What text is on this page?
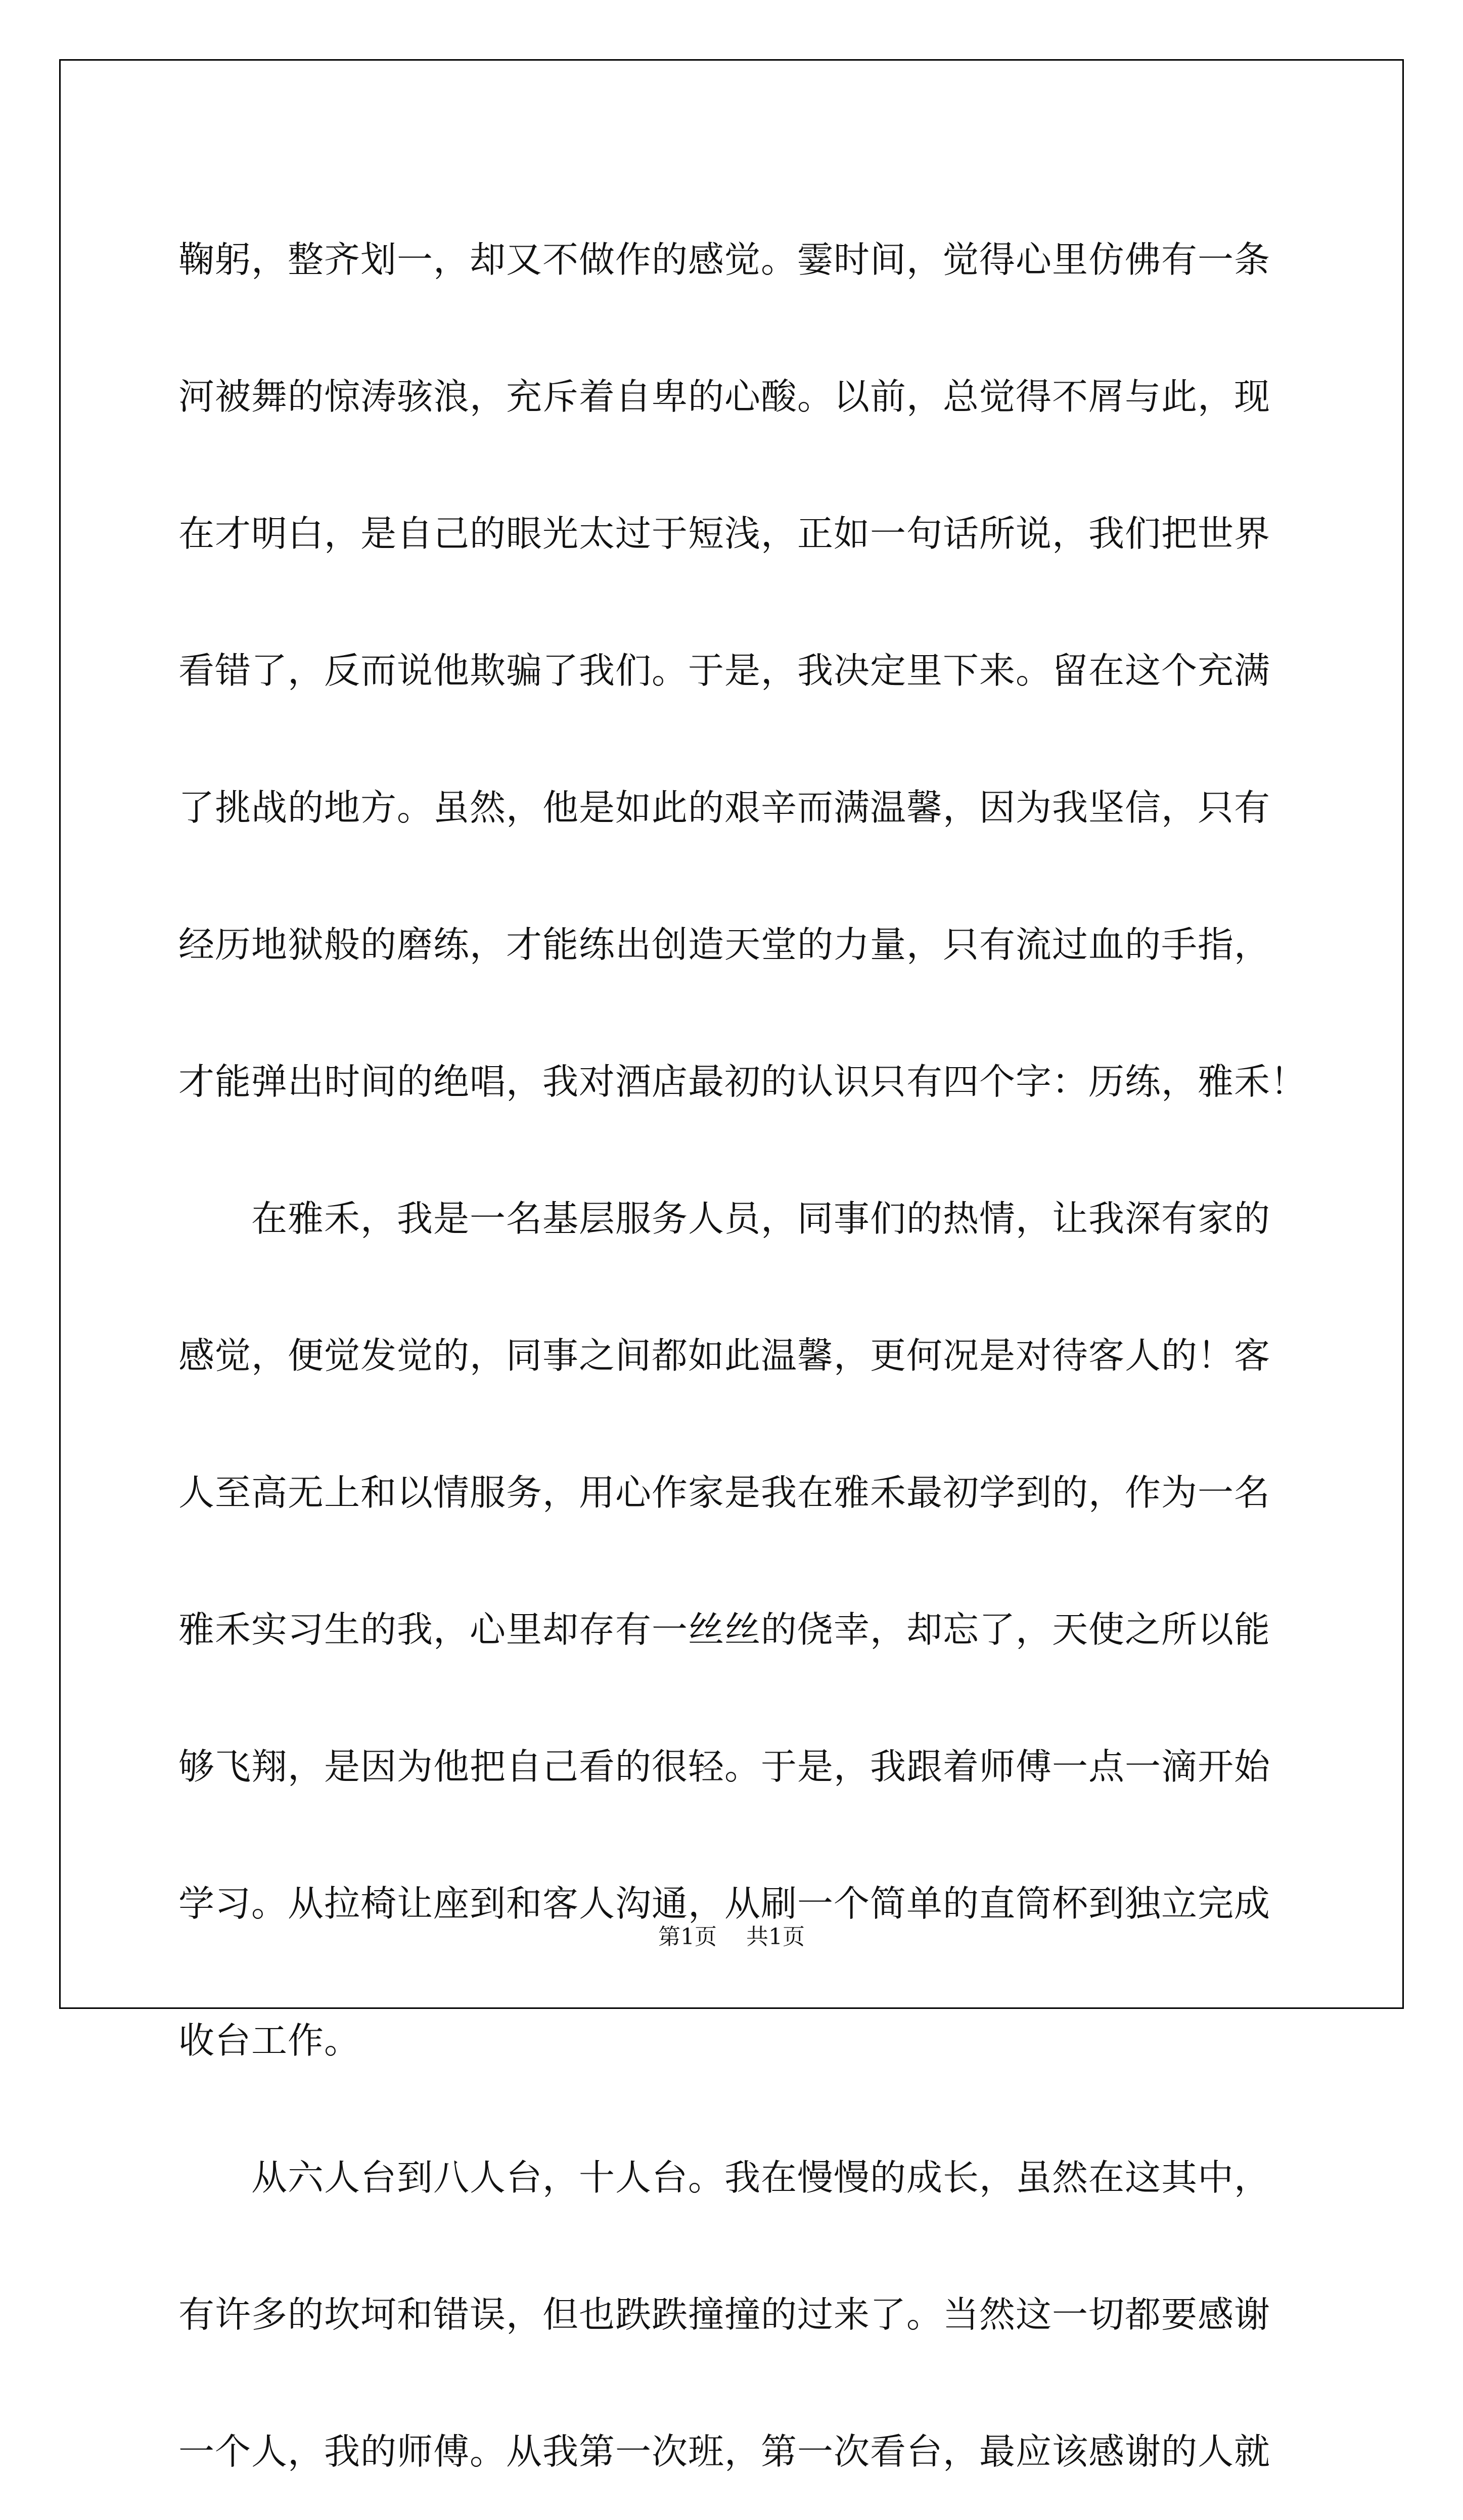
鞠躬，整齐划一，却又不做作的感觉。霎时间，觉得心里仿佛有一条
河被舞的惊涛骇浪，充斥着自卑的心酸。以前，总觉得不屑与此，现
在才明白，是自己的眼光太过于短浅，正如一句话所说，我们把世界
看错了，反而说他欺骗了我们。于是，我决定里下来。留在这个充满
了挑战的地方。虽然，他是如此的艰辛而满温馨，因为我坚信，只有
经历地狱般的磨练，才能练出创造天堂的力量，只有流过血的手指，
才能弹出时间的绝唱，我对酒店最初的认识只有四个字：历练，雅禾！
　　在雅禾，我是一名基层服务人员，同事们的热情，让我深有家的
感觉，便觉发觉的，同事之间都如此温馨，更何况是对待客人的！客
人至高无上和以情服务，用心作家是我在雅禾最初学到的，作为一名
雅禾实习生的我，心里却存有一丝丝的侥幸，却忘了，天使之所以能
够飞翔，是因为他把自己看的很轻。于是，我跟着师傅一点一滴开始
学习。从拉椅让座到和客人沟通，从刷一个简单的直筒杯到独立完成
收台工作。
　　从六人台到八人台，十人台。我在慢慢的成长，虽然在这其中，
有许多的坎坷和错误，但也跌跌撞撞的过来了。当然这一切都要感谢
一个人，我的师傅。从我第一次班，第一次看台，最应该感谢的人就
第1页　 共1页
